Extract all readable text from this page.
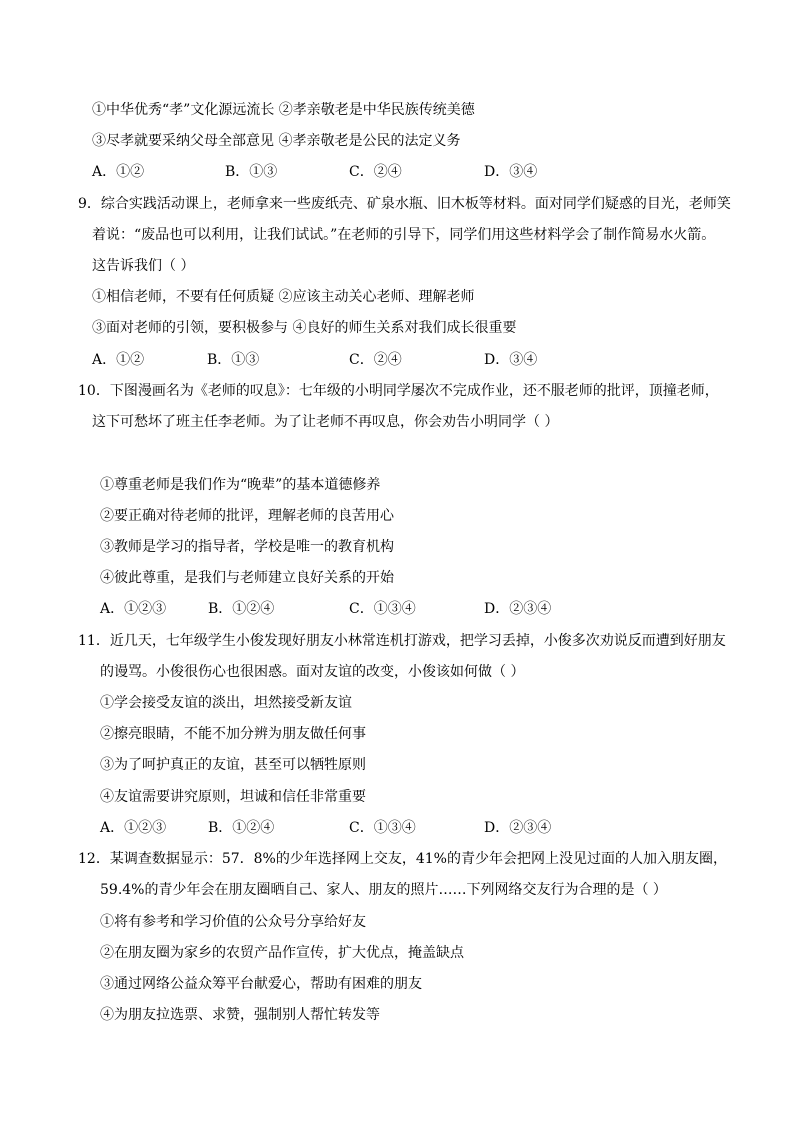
①中华优秀“孝”文化源远流长 ②孝亲敬老是中华民族传统美德
③尽孝就要采纳父母全部意见 ④孝亲敬老是公民的法定义务
A．①②	B．①③	C．②④	D．③④
9．综合实践活动课上，老师拿来一些废纸壳、矿泉水瓶、旧木板等材料。面对同学们疑惑的目光，老师笑
着说：“废品也可以利用，让我们试试。”在老师的引导下，同学们用这些材料学会了制作简易水火箭。
这告诉我们（ ）
①相信老师，不要有任何质疑 ②应该主动关心老师、理解老师
③面对老师的引领，要积极参与 ④良好的师生关系对我们成长很重要
A．①②	B．①③	C．②④	D．③④
10．下图漫画名为《老师的叹息》：七年级的小明同学屡次不完成作业，还不服老师的批评，顶撞老师，
这下可愁坏了班主任李老师。为了让老师不再叹息，你会劝告小明同学（ ）
①尊重老师是我们作为“晚辈”的基本道德修养
②要正确对待老师的批评，理解老师的良苦用心
③教师是学习的指导者，学校是唯一的教育机构
④彼此尊重，是我们与老师建立良好关系的开始
A．①②③	B．①②④	C．①③④	D．②③④
11．近几天，七年级学生小俊发现好朋友小林常连机打游戏，把学习丢掉，小俊多次劝说反而遭到好朋友
的谩骂。小俊很伤心也很困惑。面对友谊的改变，小俊该如何做（ ）
①学会接受友谊的淡出，坦然接受新友谊
②擦亮眼睛，不能不加分辨为朋友做任何事
③为了呵护真正的友谊，甚至可以牺牲原则
④友谊需要讲究原则，坦诚和信任非常重要
A．①②③	B．①②④	C．①③④	D．②③④
12．某调查数据显示：57．8%的少年选择网上交友，41%的青少年会把网上没见过面的人加入朋友圈，
59.4%的青少年会在朋友圈晒自己、家人、朋友的照片……下列网络交友行为合理的是（ ）
①将有参考和学习价值的公众号分享给好友
②在朋友圈为家乡的农贸产品作宣传，扩大优点，掩盖缺点
③通过网络公益众筹平台献爱心，帮助有困难的朋友
④为朋友拉选票、求赞，强制别人帮忙转发等
